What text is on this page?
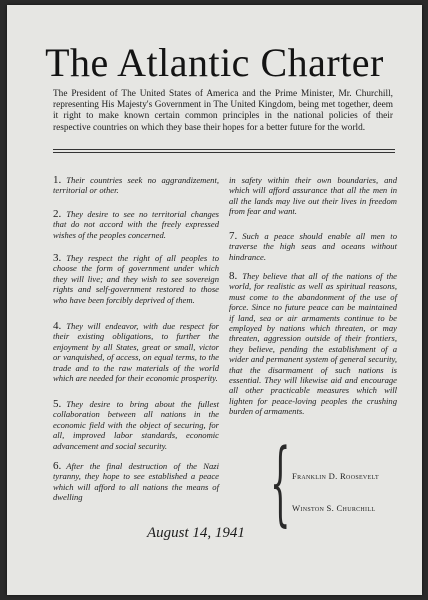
The Atlantic Charter
The President of The United States of America and the Prime Minister, Mr. Churchill, representing His Majesty's Government in The United Kingdom, being met together, deem it right to make known certain common principles in the national policies of their respective countries on which they base their hopes for a better future for the world.
1. Their countries seek no aggrandizement, territorial or other.
2. They desire to see no territorial changes that do not accord with the freely expressed wishes of the peoples concerned.
3. They respect the right of all peoples to choose the form of government under which they will live; and they wish to see sovereign rights and self-government restored to those who have been forcibly deprived of them.
4. They will endeavor, with due respect for their existing obligations, to further the enjoyment by all States, great or small, victor or vanquished, of access, on equal terms, to the trade and to the raw materials of the world which are needed for their economic prosperity.
5. They desire to bring about the fullest collaboration between all nations in the economic field with the object of securing, for all, improved labor standards, economic advancement and social security.
6. After the final destruction of the Nazi tyranny, they hope to see established a peace which will afford to all nations the means of dwelling
in safety within their own boundaries, and which will afford assurance that all the men in all the lands may live out their lives in freedom from fear and want.
7. Such a peace should enable all men to traverse the high seas and oceans without hindrance.
8. They believe that all of the nations of the world, for realistic as well as spiritual reasons, must come to the abandonment of the use of force. Since no future peace can be maintained if land, sea or air armaments continue to be employed by nations which threaten, or may threaten, aggression outside of their frontiers, they believe, pending the establishment of a wider and permanent system of general security, that the disarmament of such nations is essential. They will likewise aid and encourage all other practicable measures which will lighten for peace-loving peoples the crushing burden of armaments.
{ Franklin D. Roosevelt
Winston S. Churchill
August 14, 1941
